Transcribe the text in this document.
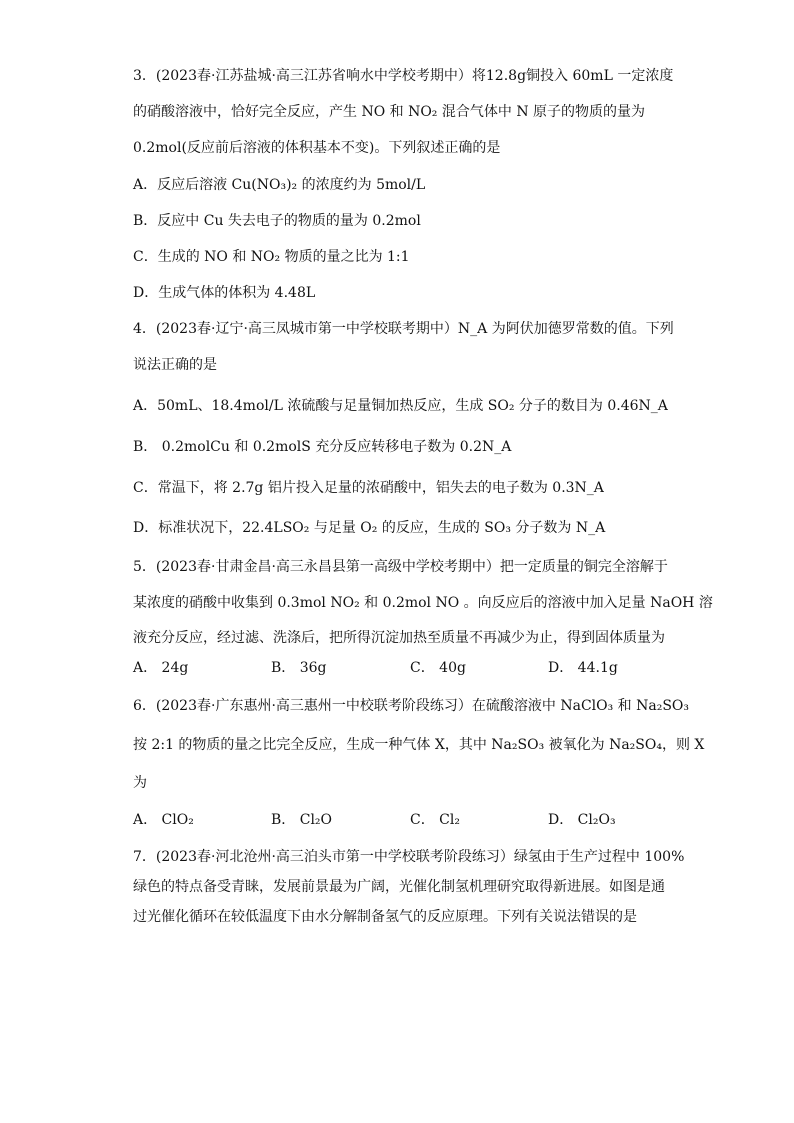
3．(2023春·江苏盐城·高三江苏省响水中学校考期中）将12.8g铜投入 60mL 一定浓度
的硝酸溶液中，恰好完全反应，产生 NO 和 NO₂ 混合气体中 N 原子的物质的量为
0.2mol(反应前后溶液的体积基本不变)。下列叙述正确的是
A．反应后溶液 Cu(NO₃)₂ 的浓度约为 5mol/L
B．反应中 Cu 失去电子的物质的量为 0.2mol
C．生成的 NO 和 NO₂ 物质的量之比为 1:1
D．生成气体的体积为 4.48L
4．(2023春·辽宁·高三凤城市第一中学校联考期中）N_A 为阿伏加德罗常数的值。下列
说法正确的是
A．50mL、18.4mol/L 浓硫酸与足量铜加热反应，生成 SO₂ 分子的数目为 0.46N_A
B． 0.2molCu 和 0.2molS 充分反应转移电子数为 0.2N_A
C．常温下，将 2.7g 铝片投入足量的浓硝酸中，铝失去的电子数为 0.3N_A
D．标准状况下，22.4LSO₂ 与足量 O₂ 的反应，生成的 SO₃ 分子数为 N_A
5．(2023春·甘肃金昌·高三永昌县第一高级中学校考期中）把一定质量的铜完全溶解于
某浓度的硝酸中收集到 0.3mol NO₂ 和 0.2mol NO 。向反应后的溶液中加入足量 NaOH 溶
液充分反应，经过滤、洗涤后，把所得沉淀加热至质量不再减少为止，得到固体质量为
A． 24g	B． 36g	C． 40g	D． 44.1g
6．(2023春·广东惠州·高三惠州一中校联考阶段练习）在硫酸溶液中 NaClO₃ 和 Na₂SO₃
按 2:1 的物质的量之比完全反应，生成一种气体 X，其中 Na₂SO₃ 被氧化为 Na₂SO₄，则 X
为
A． ClO₂	B． Cl₂O	C． Cl₂	D． Cl₂O₃
7．(2023春·河北沧州·高三泊头市第一中学校联考阶段练习）绿氢由于生产过程中 100%
绿色的特点备受青睐，发展前景最为广阔，光催化制氢机理研究取得新进展。如图是通
过光催化循环在较低温度下由水分解制备氢气的反应原理。下列有关说法错误的是
